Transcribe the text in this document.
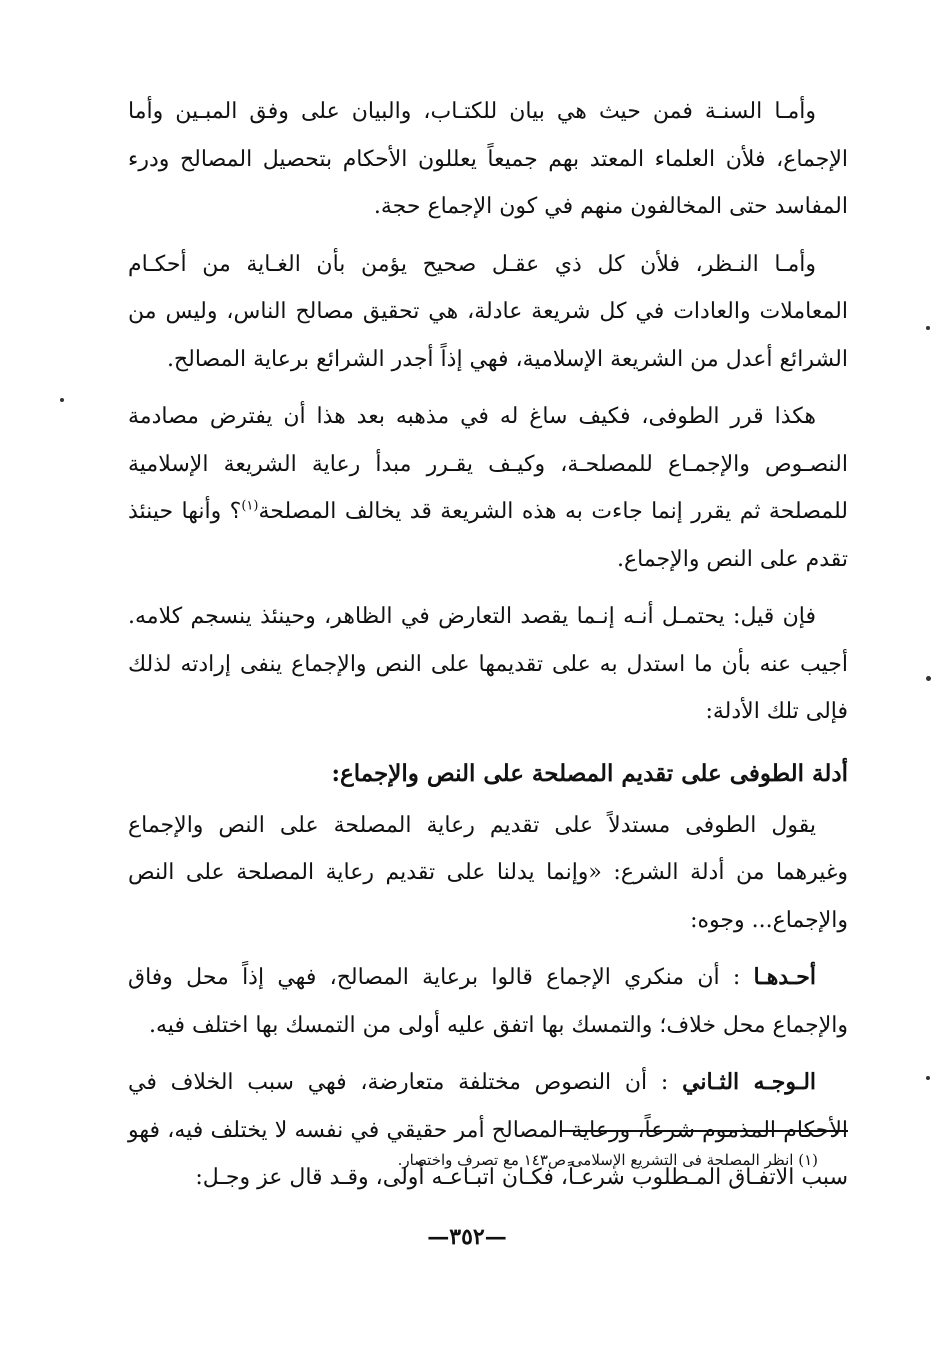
وأمـا السنـة فمن حيث هي بيان للكتـاب، والبيان على وفق المبـين وأما الإجماع، فلأن العلماء المعتد بهم جميعاً يعللون الأحكام بتحصيل المصالح ودرء المفاسد حتى المخالفون منهم في كون الإجماع حجة.

وأمـا النـظر، فلأن كل ذي عقـل صحيح يؤمن بأن الغـاية من أحكـام المعاملات والعادات في كل شريعة عادلة، هي تحقيق مصالح الناس، وليس من الشرائع أعدل من الشريعة الإسلامية، فهي إذاً أجدر الشرائع برعاية المصالح.

هكذا قرر الطوفى، فكيف ساغ له في مذهبه بعد هذا أن يفترض مصادمة النصـوص والإجمـاع للمصلحـة، وكيـف يقـرر مبدأ رعاية الشريعة الإسلامية للمصلحة ثم يقرر إنما جاءت به هذه الشريعة قد يخالف المصلحة$^{(١)}$؟ وأنها حينئذ تقدم على النص والإجماع.

فإن قيل: يحتمـل أنـه إنـما يقصد التعارض في الظاهر، وحينئذ ينسجم كلامه. أجيب عنه بأن ما استدل به على تقديمها على النص والإجماع ينفى إرادته لذلك فإلى تلك الأدلة:

أدلة الطوفى على تقديم المصلحة على النص والإجماع:

يقول الطوفى مستدلاً على تقديم رعاية المصلحة على النص والإجماع وغيرهما من أدلة الشرع: «وإنما يدلنا على تقديم رعاية المصلحة على النص والإجماع... وجوه:

أحـدهـا : أن منكري الإجماع قالوا برعاية المصالح، فهي إذاً محل وفاق والإجماع محل خلاف؛ والتمسك بها اتفق عليه أولى من التمسك بها اختلف فيه.

الـوجـه الثـاني : أن النصوص مختلفة متعارضة، فهي سبب الخلاف في الأحكام المذموم شرعاً، ورعاية المصالح أمر حقيقي في نفسه لا يختلف فيه، فهو سبب الاتفـاق المـطلوب شرعـاً، فكـان اتبـاعـه أولى، وقـد قال عز وجـل:

(١) انظر المصلحة فى التشريع الإسلامى ص١٤٣ مع تصرف واختصار.
—٣٥٢—
